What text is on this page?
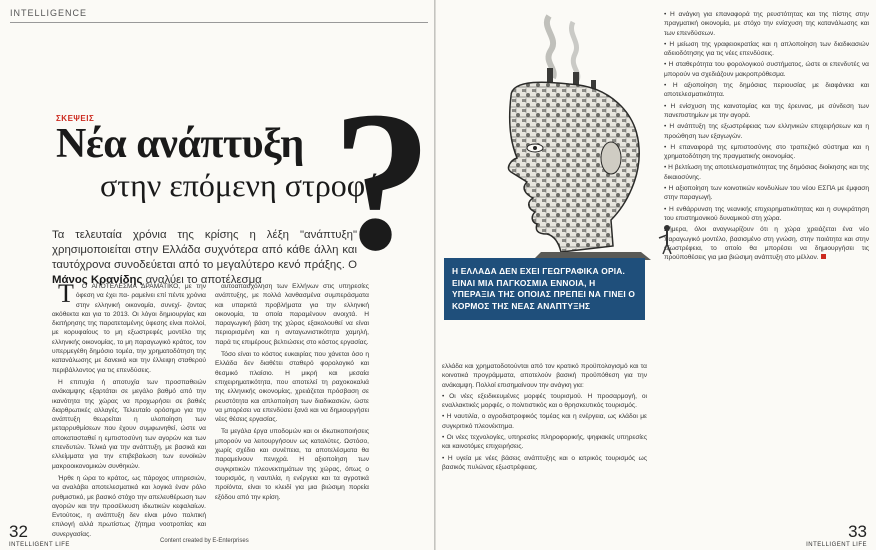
INTELLIGENCE
ΣΚΕΨΕΙΣ
Νέα ανάπτυξη
στην επόμενη στροφή
?
Τα τελευταία χρόνια της κρίσης η λέξη "ανάπτυξη" χρησιμοποιείται στην Ελλάδα συχνότερα από κάθε άλλη και ταυτόχρονα συνοδεύεται από το μεγαλύτερο κενό πράξης. Ο Μάνος Κρανίδης αναλύει το αποτέλεσμα

Τ Ο ΑΠΟΤΕΛΕΣΜΑ ΔΡΑΜΑΤΙΚΟ, με την όφεση να έχει πα- ραμείνει επί πέντε χρόνια στην ελληνική οικονομία, συνεχί- ζοντας ακόθεκτα και για το 2013. Οι λόγοι δημιουργίας και διατήρησης της παρατεταμένης ύφεσης είναι πολλοί, με κορυφαίους το μη εξωστρεφές μοντέλο της ελληνικής οικονομίας, το μη παραγωγικό κράτος, τον υπερμεγέθη δημόσιο τομέα, την χρηματοδότηση της κατανάλωσης με δανεικά και την έλλειψη σταθερού περιβάλλοντος για τις επενδύσεις.

Η επιτυχία ή αποτυχία των προσπαθειών ανάκαμψης εξαρτάται σε μεγάλο βαθμό από την ικανότητα της χώρας να προχωρήσει σε βαθιές διαρθρωτικές αλλαγές. Τελευταίο ορόσημο για την ανάπτυξη θεωρείται η υλοποίηση των μεταρρυθμίσεων που έχουν συμφωνηθεί, ώστε να αποκατασταθεί η εμπιστοσύνη των αγορών και των επενδυτών. Τελικά για την ανάπτυξη, με βασικά και ελλείμματα για την επιβεβαίωση των ευνοϊκών μακροοικονομικών συνθηκών.

Ήρθε η ώρα το κράτος, ως πάροχος υπηρεσιών, να αναλάβει αποτελεσματικά και λογικά έναν ρόλο ρυθμιστικό, με βασικό στόχο την απελευθέρωση των αγορών και την προσέλκυση ιδιωτικών κεφαλαίων. Εντούτοις, η ανάπτυξη δεν είναι μόνο πολιτική επιλογή αλλά πρωτίστως ζήτημα νοοτροπίας και συνεργασίας.

αυτοαπασχόληση των Ελλήνων στις υπηρεσίες ανάπτυξης, με πολλά λανθασμένα συμπεράσματα και υπαρκτά προβλήματα για την ελληνική οικονομία, τα οποία παραμένουν ανοιχτά. Η παραγωγική βάση της χώρας εξακολουθεί να είναι περιορισμένη και η ανταγωνιστικότητα χαμηλή, παρά τις επιμέρους βελτιώσεις στο κόστος εργασίας.

Τόσο είναι το κόστος ευκαιρίας που χάνεται όσο η Ελλάδα δεν διαθέτει σταθερό φορολογικό και θεσμικό πλαίσιο. Η μικρή και μεσαία επιχειρηματικότητα, που αποτελεί τη ραχοκοκαλιά της ελληνικής οικονομίας, χρειάζεται πρόσβαση σε ρευστότητα και απλοποίηση των διαδικασιών, ώστε να μπορέσει να επενδύσει ξανά και να δημιουργήσει νέες θέσεις εργασίας.

Τα μεγάλα έργα υποδομών και οι ιδιωτικοποιήσεις μπορούν να λειτουργήσουν ως καταλύτες. Ωστόσο, χωρίς σχέδιο και συνέπεια, τα αποτελέσματα θα παραμείνουν πενιχρά. Η αξιοποίηση των συγκριτικών πλεονεκτημάτων της χώρας, όπως ο τουρισμός, η ναυτιλία, η ενέργεια και τα αγροτικά προϊόντα, είναι το κλειδί για μια βιώσιμη πορεία εξόδου από την κρίση.

32
INTELLIGENT LIFE
Content created by E-Enterprises
Η ΕΛΛΑΔΑ ΔΕΝ ΕΧΕΙ ΓΕΩΓΡΑΦΙΚΑ ΟΡΙΑ. ΕΙΝΑΙ ΜΙΑ ΠΑΓΚΟΣΜΙΑ ΕΝΝΟΙΑ, Η ΥΠΕΡΑΞΙΑ ΤΗΣ ΟΠΟΙΑΣ ΠΡΕΠΕΙ ΝΑ ΓΙΝΕΙ Ο ΚΟΡΜΟΣ ΤΗΣ ΝΕΑΣ ΑΝΑΠΤΥΞΗΣ

• Η ανάγκη για επαναφορά της ρευστότητας και της πίστης στην πραγματική οικονομία, με στόχο την ενίσχυση της κατανάλωσης και των επενδύσεων.

• Η μείωση της γραφειοκρατίας και η απλοποίηση των διαδικασιών αδειοδότησης για τις νέες επενδύσεις.

• Η σταθερότητα του φορολογικού συστήματος, ώστε οι επενδυτές να μπορούν να σχεδιάζουν μακροπρόθεσμα.

• Η αξιοποίηση της δημόσιας περιουσίας με διαφάνεια και αποτελεσματικότητα.

• Η ενίσχυση της καινοτομίας και της έρευνας, με σύνδεση των πανεπιστημίων με την αγορά.

• Η ανάπτυξη της εξωστρέφειας των ελληνικών επιχειρήσεων και η προώθηση των εξαγωγών.

• Η επαναφορά της εμπιστοσύνης στο τραπεζικό σύστημα και η χρηματοδότηση της πραγματικής οικονομίας.

• Η βελτίωση της αποτελεσματικότητας της δημόσιας διοίκησης και της δικαιοσύνης.

• Η αξιοποίηση των κοινοτικών κονδυλίων του νέου ΕΣΠΑ με έμφαση στην παραγωγή.

• Η ενθάρρυνση της νεανικής επιχειρηματικότητας και η συγκράτηση του επιστημονικού δυναμικού στη χώρα.

Σήμερα, όλοι αναγνωρίζουν ότι η χώρα χρειάζεται ένα νέο παραγωγικό μοντέλο, βασισμένο στη γνώση, στην ποιότητα και στην εξωστρέφεια, το οποίο θα μπορέσει να δημιουργήσει τις προϋποθέσεις για μια βιώσιμη ανάπτυξη στο μέλλον.

ελλάδα και χρηματοδοτούνται από τον κρατικό προϋπολογισμό και τα κοινοτικά προγράμματα, αποτελούν βασική προϋπόθεση για την ανάκαμψη. Πολλοί επισημαίνουν την ανάγκη για:

• Οι νέες εξειδικευμένες μορφές τουρισμού. Η προσαρμογή, οι εναλλακτικές μορφές, ο πολιτιστικός και ο θρησκευτικός τουρισμός.

• Η ναυτιλία, ο αγροδιατροφικός τομέας και η ενέργεια, ως κλάδοι με συγκριτικό πλεονέκτημα.

• Οι νέες τεχνολογίες, υπηρεσίες πληροφορικής, ψηφιακές υπηρεσίες και καινοτόμες επιχειρήσεις.

• Η υγεία με νέες βάσεις ανάπτυξης και ο ιατρικός τουρισμός ως βασικός πυλώνας εξωστρέφειας.

33
INTELLIGENT LIFE
